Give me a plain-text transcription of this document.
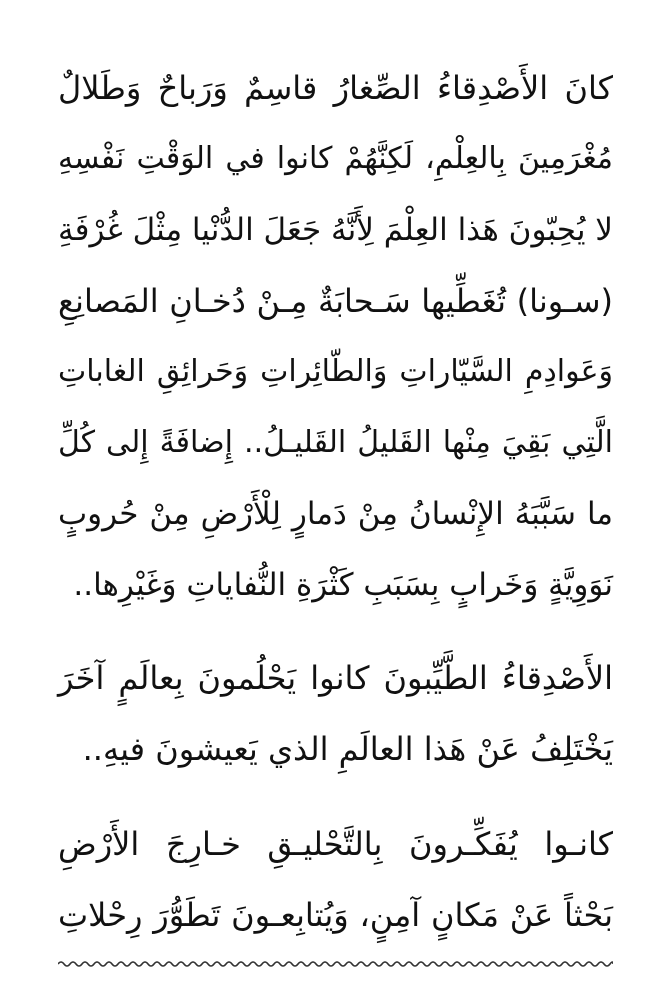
كانَ الأَصْدِقاءُ الصِّغارُ قاسِمٌ وَرَباحٌ وَطَلالٌ
مُغْرَمِينَ بِالعِلْمِ، لَكِنَّهُمْ كانوا في الوَقْتِ نَفْسِهِ
لا يُحِبّونَ هَذا العِلْمَ لِأَنَّهُ جَعَلَ الدُّنْيا مِثْلَ غُرْفَةِ
(سـونا) تُغَطِّيها سَـحابَةٌ مِـنْ دُخـانِ المَصانِعِ
وَعَوادِمِ السَّيّاراتِ وَالطّائِراتِ وَحَرائِقِ الغاباتِ
الَّتِي بَقِيَ مِنْها القَليلُ القَليـلُ.. إِضافَةً إِلى كُلِّ
ما سَبَّبَهُ الإِنْسانُ مِنْ دَمارٍ لِلْأَرْضِ مِنْ حُروبٍ
نَوَوِيَّةٍ وَخَرابٍ بِسَبَبِ كَثْرَةِ النُّفاياتِ وَغَيْرِها..
الأَصْدِقاءُ الطَّيِّبونَ كانوا يَحْلُمونَ بِعالَمٍ آخَرَ
يَخْتَلِفُ عَنْ هَذا العالَمِ الذي يَعيشونَ فيهِ..
كانـوا يُفَكِّـرونَ بِالتَّحْليـقِ خـارِجَ الأَرْضِ
بَحْثاً عَنْ مَكانٍ آمِنٍ، وَيُتابِعـونَ تَطَوُّرَ رِحْلاتِ
